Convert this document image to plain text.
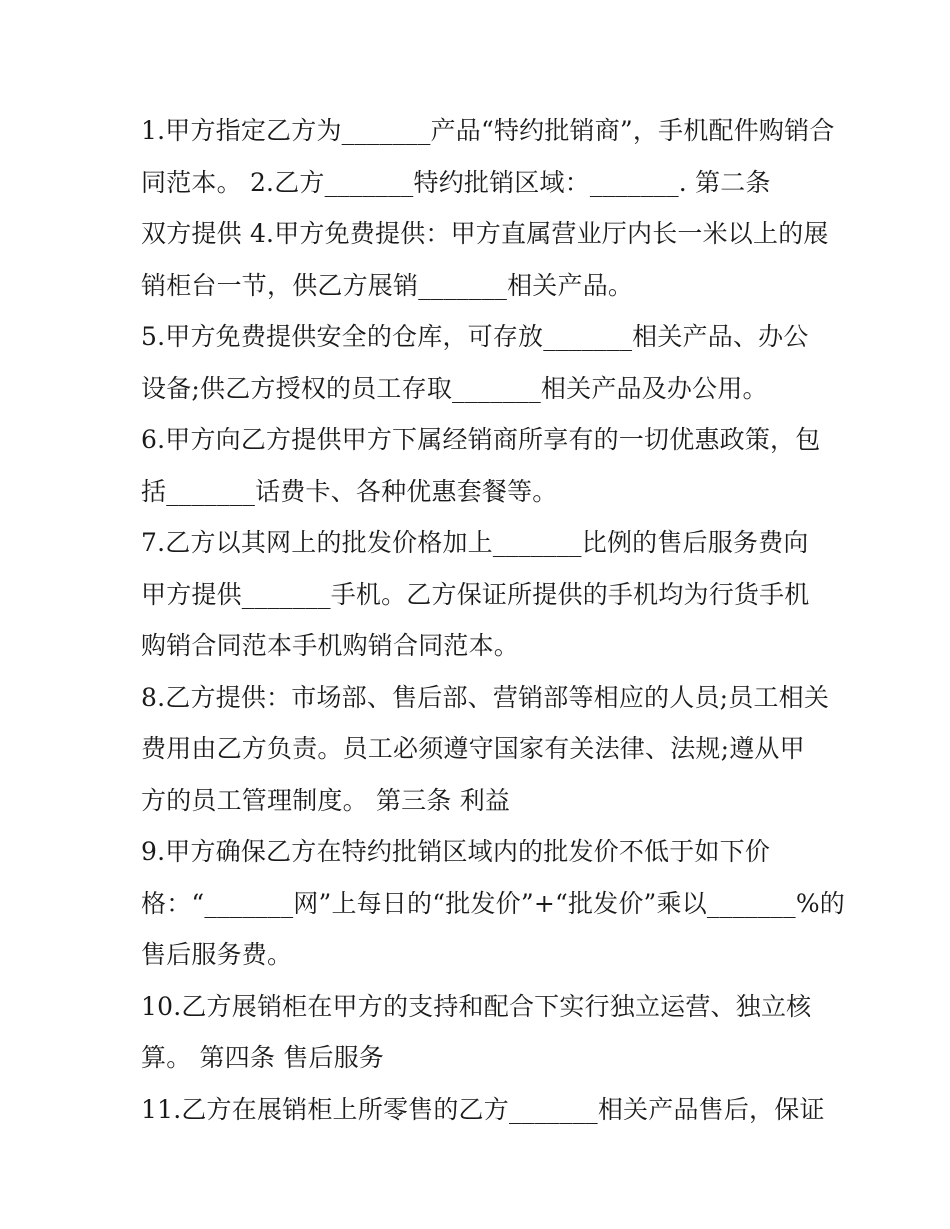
1.甲方指定乙方为_______产品“特约批销商”，手机配件购销合
同范本。 2.乙方_______特约批销区域：_______. 第二条
双方提供 4.甲方免费提供：甲方直属营业厅内长一米以上的展
销柜台一节，供乙方展销_______相关产品。
5.甲方免费提供安全的仓库，可存放_______相关产品、办公
设备;供乙方授权的员工存取_______相关产品及办公用。
6.甲方向乙方提供甲方下属经销商所享有的一切优惠政策，包
括_______话费卡、各种优惠套餐等。
7.乙方以其网上的批发价格加上_______比例的售后服务费向
甲方提供_______手机。乙方保证所提供的手机均为行货手机
购销合同范本手机购销合同范本。
8.乙方提供：市场部、售后部、营销部等相应的人员;员工相关
费用由乙方负责。员工必须遵守国家有关法律、法规;遵从甲
方的员工管理制度。 第三条 利益
9.甲方确保乙方在特约批销区域内的批发价不低于如下价
格：“_______网”上每日的“批发价”+“批发价”乘以_______%的
售后服务费。
10.乙方展销柜在甲方的支持和配合下实行独立运营、独立核
算。 第四条 售后服务
11.乙方在展销柜上所零售的乙方_______相关产品售后，保证
